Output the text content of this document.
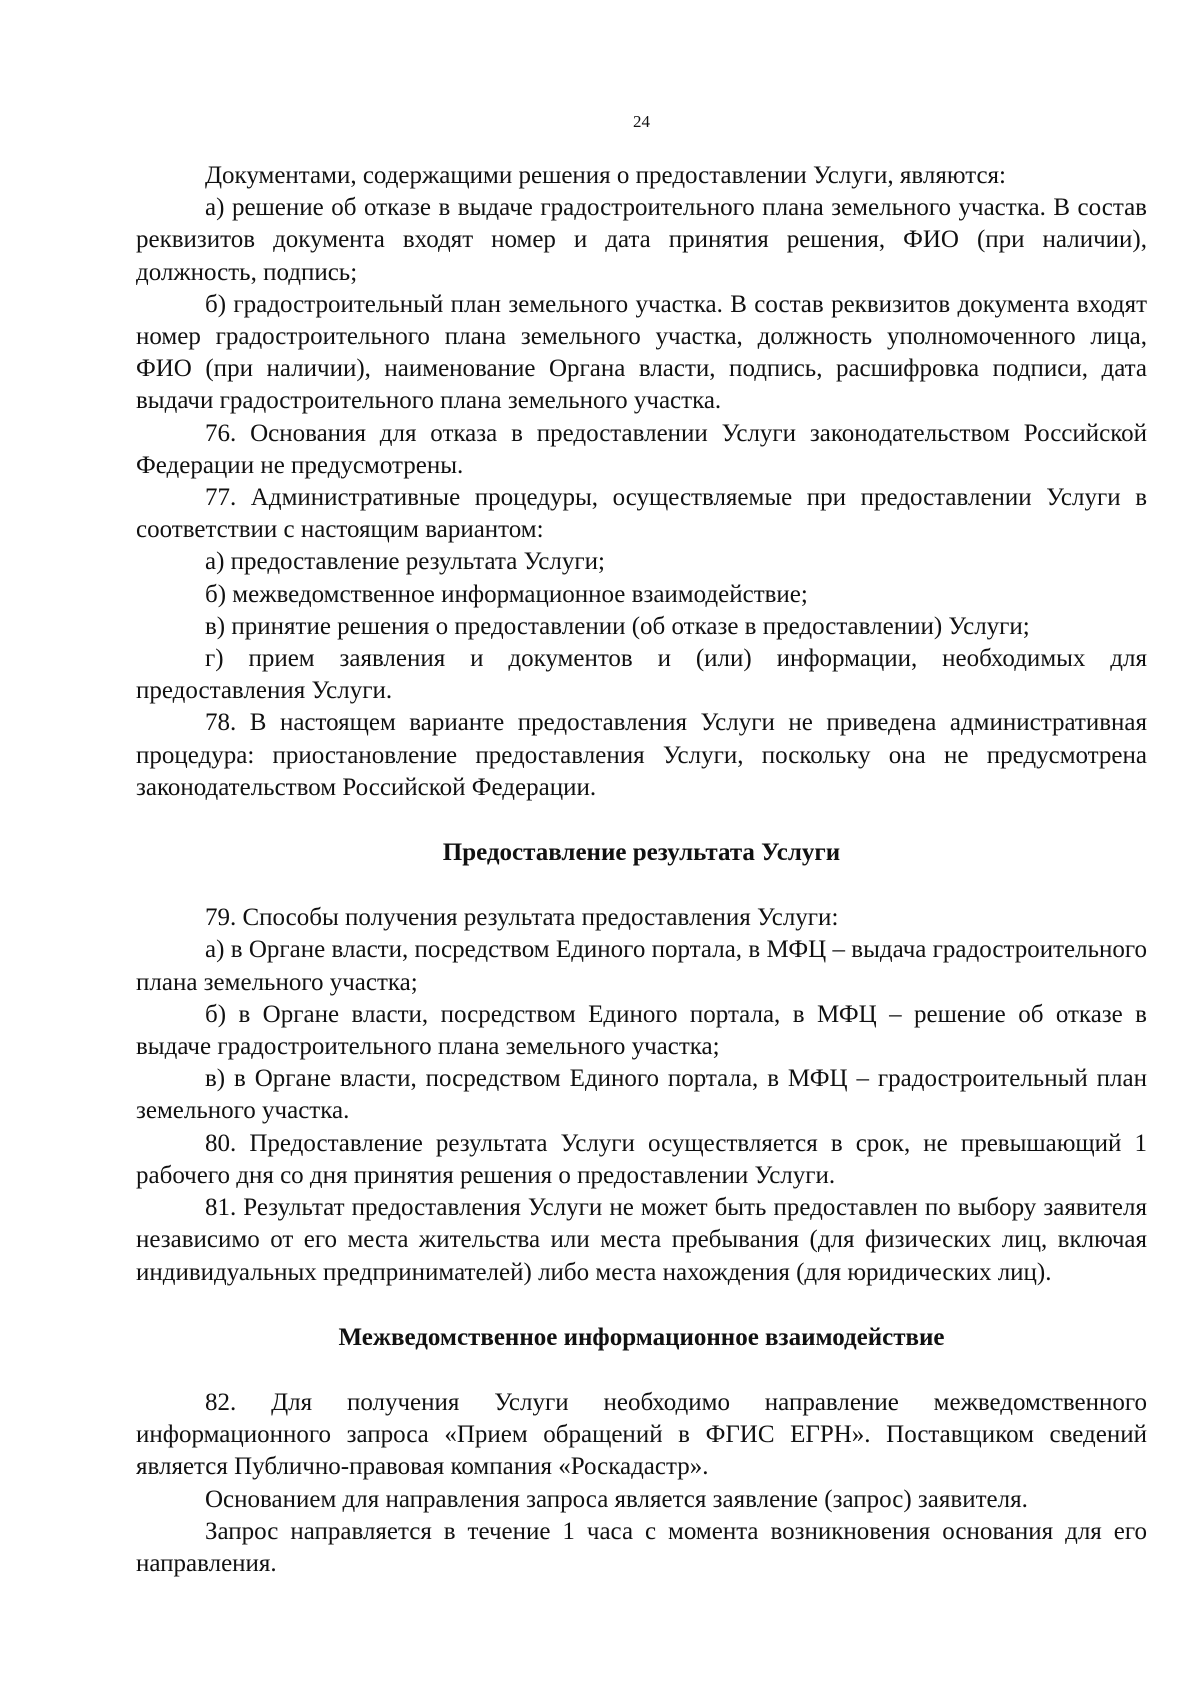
24

Документами, содержащими решения о предоставлении Услуги, являются:

а) решение об отказе в выдаче градостроительного плана земельного участка. В состав реквизитов документа входят номер и дата принятия решения, ФИО (при наличии), должность, подпись;

б) градостроительный план земельного участка. В состав реквизитов документа входят номер градостроительного плана земельного участка, должность уполномоченного лица, ФИО (при наличии), наименование Органа власти, подпись, расшифровка подписи, дата выдачи градостроительного плана земельного участка.

76. Основания для отказа в предоставлении Услуги законодательством Российской Федерации не предусмотрены.

77. Административные процедуры, осуществляемые при предоставлении Услуги в соответствии с настоящим вариантом:

а) предоставление результата Услуги;

б) межведомственное информационное взаимодействие;

в) принятие решения о предоставлении (об отказе в предоставлении) Услуги;

г) прием заявления и документов и (или) информации, необходимых для предоставления Услуги.

78. В настоящем варианте предоставления Услуги не приведена административная процедура: приостановление предоставления Услуги, поскольку она не предусмотрена законодательством Российской Федерации.

Предоставление результата Услуги

79. Способы получения результата предоставления Услуги:

а) в Органе власти, посредством Единого портала, в МФЦ – выдача градостроительного плана земельного участка;

б) в Органе власти, посредством Единого портала, в МФЦ – решение об отказе в выдаче градостроительного плана земельного участка;

в) в Органе власти, посредством Единого портала, в МФЦ – градостроительный план земельного участка.

80. Предоставление результата Услуги осуществляется в срок, не превышающий 1 рабочего дня со дня принятия решения о предоставлении Услуги.

81. Результат предоставления Услуги не может быть предоставлен по выбору заявителя независимо от его места жительства или места пребывания (для физических лиц, включая индивидуальных предпринимателей) либо места нахождения (для юридических лиц).

Межведомственное информационное взаимодействие

82. Для получения Услуги необходимо направление межведомственного информационного запроса «Прием обращений в ФГИС ЕГРН». Поставщиком сведений является Публично-правовая компания «Роскадастр».

Основанием для направления запроса является заявление (запрос) заявителя.

Запрос направляется в течение 1 часа с момента возникновения основания для его направления.
